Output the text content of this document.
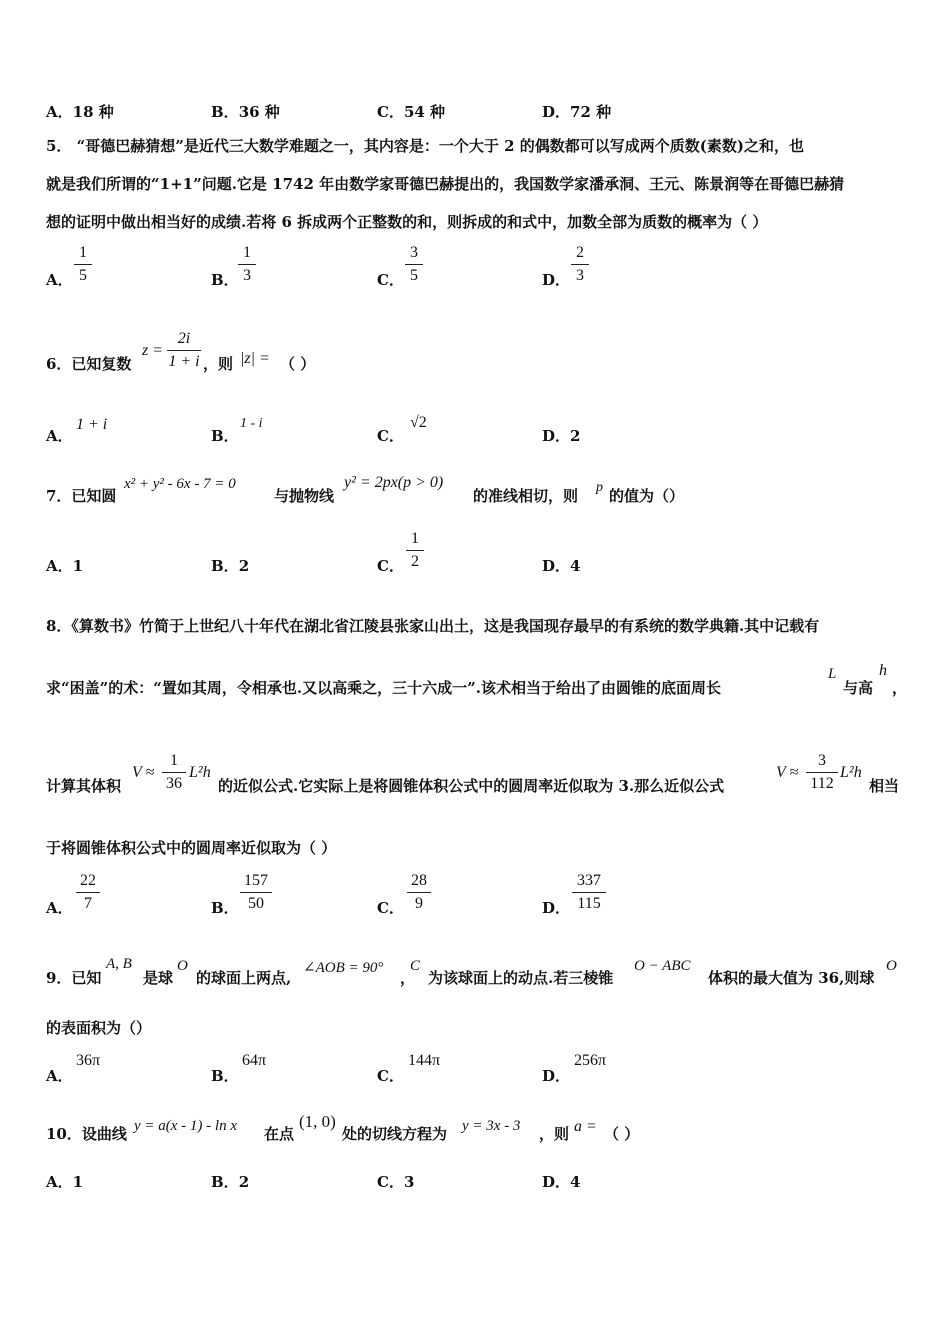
A．18 种	B．36 种	C．54 种	D．72 种
5． “哥德巴赫猜想”是近代三大数学难题之一，其内容是：一个大于 2 的偶数都可以写成两个质数(素数)之和，也
就是我们所谓的“1+1”问题.它是 1742 年由数学家哥德巴赫提出的，我国数学家潘承洞、王元、陈景润等在哥德巴赫猜
想的证明中做出相当好的成绩.若将 6 拆成两个正整数的和，则拆成的和式中，加数全部为质数的概率为（ ）
A．
1
5	B．
1
3	C．
3
5	D．
2
3
6．已知复数
z =
2i
1 + i ，则 |z| = （ ）
A．
1 + i
B．
1 - i
C．
√2
D．2
7．已知圆
x² + y² - 6x - 7 = 0
与抛物线
y² = 2px(p > 0)
的准线相切，则 p 的值为（）
A．1	B．2	C．
1
2	D．4
8．《算数书》竹简于上世纪八十年代在湖北省江陵县张家山出土，这是我国现存最早的有系统的数学典籍.其中记载有
求“困盖”的术：“置如其周，令相承也.又以高乘之，三十六成一”.该术相当于给出了由圆锥的底面周长
L
与高
h
，
计算其体积
V ≈
1
36
L²h
的近似公式.它实际上是将圆锥体积公式中的圆周率近似取为 3.那么近似公式
V ≈
3
112
L²h
相当
于将圆锥体积公式中的圆周率近似取为（ ）
A．
22
7	B．
157
50	C．
28
9	D．
337
115
9．已知
A, B
是球
O
的球面上两点,
∠AOB = 90°
，
C
为该球面上的动点.若三棱锥
O − ABC
体积的最大值为 36,则球
O
的表面积为（）
A．
36π
B．
64π
C．
144π
D．
256π
10．设曲线 y = a(x - 1) - ln x 在点
(1, 0)
处的切线方程为 y = 3x - 3 ，则 a = （ ）
A．1	B．2	C．3	D．4
